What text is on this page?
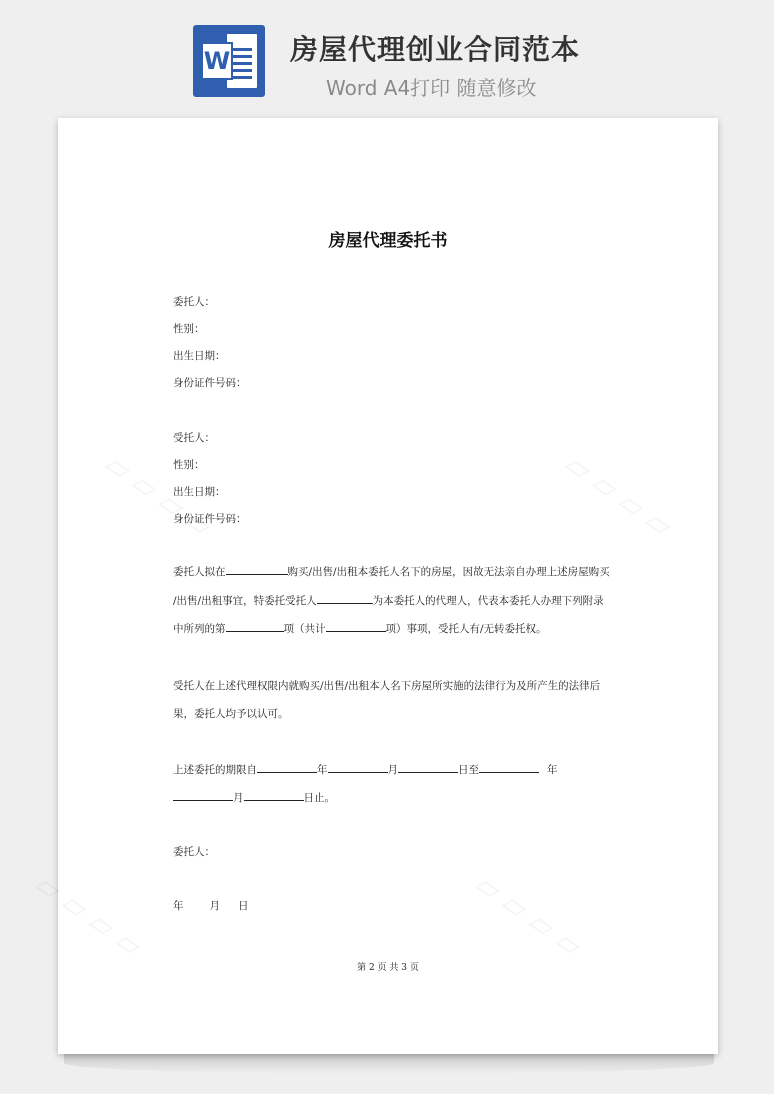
W 房屋代理创业合同范本
Word A4打印 随意修改
房屋代理委托书
委托人：
性别：
出生日期：
身份证件号码：
受托人：
性别：
出生日期：
身份证件号码：
委托人拟在	购买/出售/出租本委托人名下的房屋，因故无法亲自办理上述房屋购买
/出售/出租事宜，特委托受托人	为本委托人的代理人，代表本委托人办理下列附录
中所列的第	项（共计	项）事项，受托人有/无转委托权。
受托人在上述代理权限内就购买/出售/出租本人名下房屋所实施的法律行为及所产生的法律后
果，委托人均予以认可。
上述委托的期限自	年	月	日至	年
月	日止。
委托人：
年 月 日
第 2 页 共 3 页
